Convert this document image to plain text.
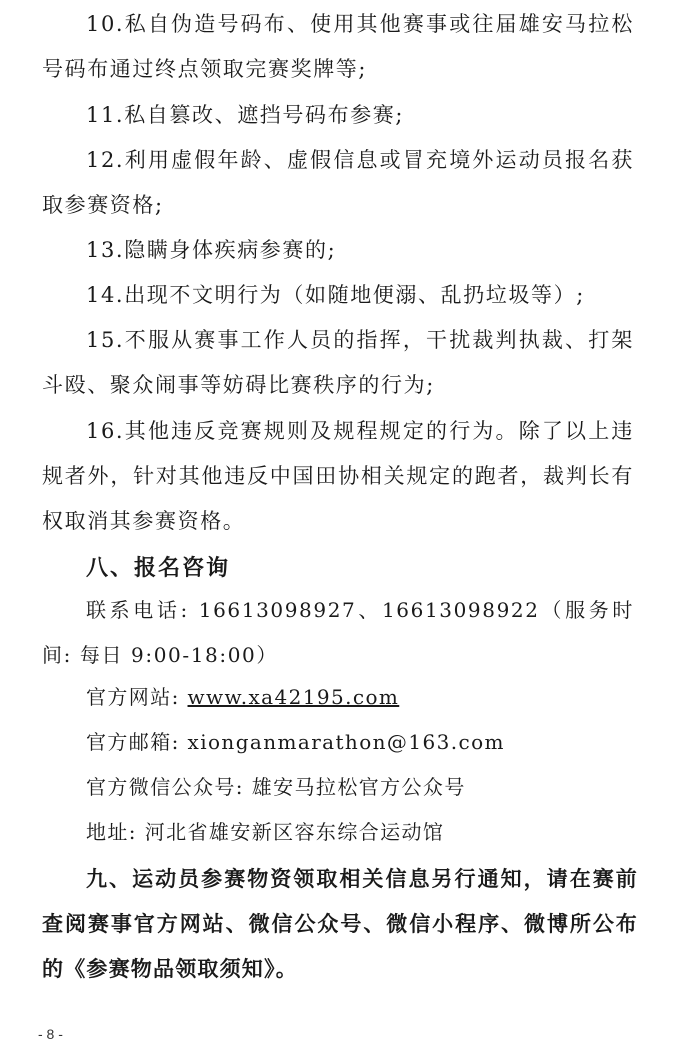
10.私自伪造号码布、使用其他赛事或往届雄安马拉松号码布通过终点领取完赛奖牌等;

11.私自篡改、遮挡号码布参赛;

12.利用虚假年龄、虚假信息或冒充境外运动员报名获取参赛资格;

13.隐瞒身体疾病参赛的;

14.出现不文明行为（如随地便溺、乱扔垃圾等）;

15.不服从赛事工作人员的指挥，干扰裁判执裁、打架斗殴、聚众闹事等妨碍比赛秩序的行为;

16.其他违反竞赛规则及规程规定的行为。除了以上违规者外，针对其他违反中国田协相关规定的跑者，裁判长有权取消其参赛资格。

八、报名咨询

联系电话: 16613098927、16613098922（服务时间: 每日 9:00-18:00）

官方网站: www.xa42195.com

官方邮箱: xionganmarathon@163.com

官方微信公众号: 雄安马拉松官方公众号

地址: 河北省雄安新区容东综合运动馆

九、运动员参赛物资领取相关信息另行通知，请在赛前查阅赛事官方网站、微信公众号、微信小程序、微博所公布的《参赛物品领取须知》。

- 8 -
